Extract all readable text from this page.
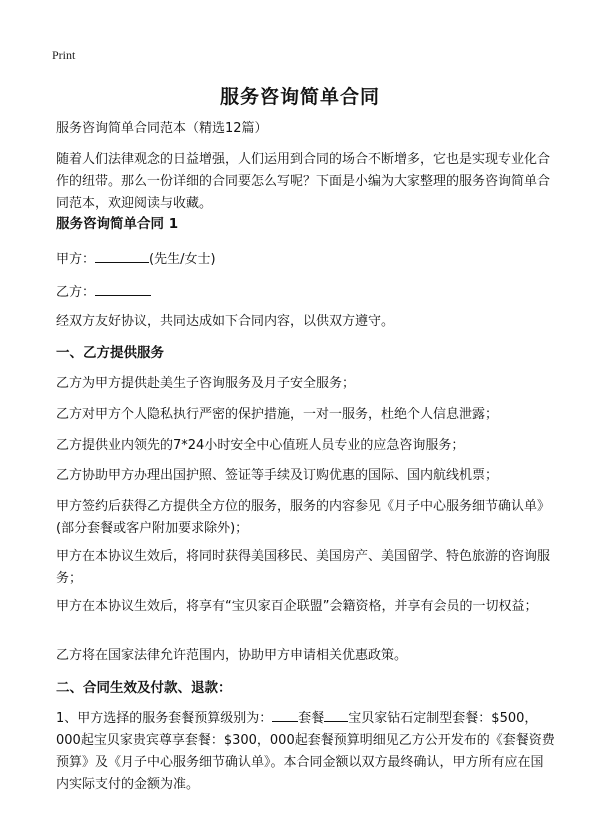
Print
服务咨询简单合同
服务咨询简单合同范本（精选12篇）
随着人们法律观念的日益增强，人们运用到合同的场合不断增多，它也是实现专业化合作的纽带。那么一份详细的合同要怎么写呢？下面是小编为大家整理的服务咨询简单合同范本，欢迎阅读与收藏。
服务咨询简单合同 1
甲方：	(先生/女士)
乙方：
经双方友好协议，共同达成如下合同内容，以供双方遵守。
一、乙方提供服务
乙方为甲方提供赴美生子咨询服务及月子安全服务；
乙方对甲方个人隐私执行严密的保护措施，一对一服务，杜绝个人信息泄露；
乙方提供业内领先的7*24小时安全中心值班人员专业的应急咨询服务；
乙方协助甲方办理出国护照、签证等手续及订购优惠的国际、国内航线机票；
甲方签约后获得乙方提供全方位的服务，服务的内容参见《月子中心服务细节确认单》(部分套餐或客户附加要求除外)；
甲方在本协议生效后，将同时获得美国移民、美国房产、美国留学、特色旅游的咨询服务；
甲方在本协议生效后，将享有“宝贝家百企联盟”会籍资格，并享有会员的一切权益；
乙方将在国家法律允许范围内，协助甲方申请相关优惠政策。
二、合同生效及付款、退款：
1、甲方选择的服务套餐预算级别为： 套餐 宝贝家钻石定制型套餐：$500，000起宝贝家贵宾尊享套餐：$300，000起套餐预算明细见乙方公开发布的《套餐资费预算》及《月子中心服务细节确认单》。本合同金额以双方最终确认，甲方所有应在国内实际支付的金额为准。
